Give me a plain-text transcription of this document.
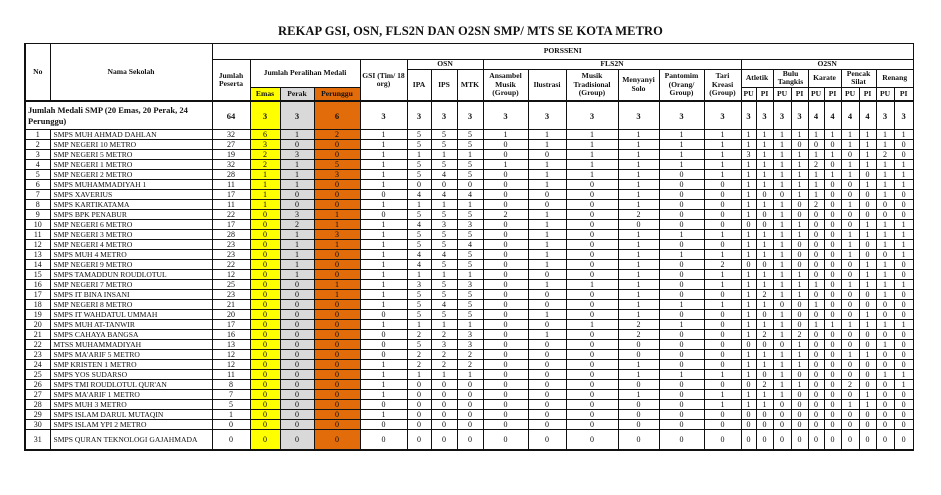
REKAP GSI, OSN, FLS2N DAN O2SN SMP/ MTS SE KOTA METRO
No	Nama Sekolah	PORSSENI																							
		Jumlah Peserta	Jumlah Peralihan Medali			GSI (Tim/ 18 org)	OSN			FLS2N						O2SN									
							IPA	IPS	MTK	Ansambel Musik (Group)	Ilustrasi	Musik Tradisional (Group)	Menyanyi Solo	Pantomim (Orang/ Group)	Tari Kreasi (Group)	Atletik		Bulu Tangkis		Karate		Pencak Silat		Renang	
			Emas	Perak	Perunggu											PU	PI	PU	PI	PU	PI	PU	PI	PU	PI
Jumlah Medali SMP (20 Emas, 20 Perak, 24 Perunggu)		64	3	3	6	3	3	3	3	3	3	3	3	3	3	3	3	3	3	4	4	4	4	3	3
1	SMPS MUH AHMAD DAHLAN	32	6	1	2	1	5	5	5	1	1	1	1	1	1	1	1	1	1	1	1	1	1	1	1
2	SMP NEGERI 10 METRO	27	3	0	0	1	5	5	5	0	1	1	1	1	1	1	1	1	0	0	0	1	1	1	0
3	SMP NEGERI 5 METRO	19	2	3	0	1	1	1	1	0	0	1	1	1	1	3	1	1	1	1	1	0	1	2	0
4	SMP NEGERI 1 METRO	32	2	1	5	1	5	5	5	1	1	1	1	1	1	1	1	1	1	2	0	1	1	1	1
5	SMP NEGERI 2 METRO	28	1	1	3	1	5	4	5	0	1	1	1	0	1	1	1	1	1	1	1	1	0	1	1
6	SMPS MUHAMMADIYAH 1	11	1	1	0	1	0	0	0	0	1	0	1	0	0	1	1	1	1	1	0	0	1	1	1
7	SMPS XAVERIUS	17	1	0	0	0	4	4	4	0	0	0	1	0	0	1	0	0	1	1	0	0	0	1	0
8	SMPS KARTIKATAMA	11	1	0	0	1	1	1	1	0	0	0	1	0	0	1	1	1	0	2	0	1	0	0	0
9	SMPS BPK PENABUR	22	0	3	1	0	5	5	5	2	1	0	2	0	0	1	0	1	0	0	0	0	0	0	0
10	SMP NEGERI 6 METRO	17	0	2	1	1	4	3	3	0	1	0	0	0	0	0	0	1	1	0	0	0	1	1	1
11	SMP NEGERI 3 METRO	28	0	1	3	1	5	5	5	0	1	0	1	1	1	1	1	1	1	0	0	1	1	1	1
12	SMP NEGERI 4 METRO	23	0	1	1	1	5	5	4	0	1	0	1	0	0	1	1	1	0	0	0	1	0	1	1
13	SMPS MUH 4 METRO	23	0	1	0	1	4	4	5	0	1	0	1	1	1	1	1	1	0	0	0	1	0	0	1
14	SMP NEGERI 9 METRO	22	0	1	0	1	4	5	5	0	1	0	1	0	2	0	0	1	0	0	0	0	1	1	0
15	SMPS TAMADDUN ROUDLOTUL	12	0	1	0	1	1	1	1	0	0	0	1	0	1	1	1	1	1	0	0	0	1	1	0
16	SMP NEGERI 7 METRO	25	0	0	1	1	3	5	3	0	1	1	1	0	1	1	1	1	1	1	0	1	1	1	1
17	SMPS IT BINA INSANI	23	0	0	1	1	5	5	5	0	0	0	1	0	0	1	2	1	1	0	0	0	0	1	0
18	SMP NEGERI 8 METRO	21	0	0	0	1	5	4	5	0	0	0	1	1	1	1	1	0	0	1	0	0	0	0	0
19	SMPS IT WAHDATUL UMMAH	20	0	0	0	0	5	5	5	0	1	0	1	0	0	1	0	1	0	0	0	0	1	0	0
20	SMPS MUH AT-TANWIR	17	0	0	0	1	1	1	1	0	0	1	2	1	0	1	1	1	0	1	1	1	1	1	1
21	SMPS CAHAYA BANGSA	16	0	0	0	0	2	2	3	0	1	0	2	0	0	1	2	1	2	0	0	0	0	0	0
22	MTSS MUHAMMADIYAH	13	0	0	0	0	5	3	3	0	0	0	0	0	0	0	0	0	1	0	0	0	0	1	0
23	SMPS MA'ARIF 5 METRO	12	0	0	0	0	2	2	2	0	0	0	0	0	0	1	1	1	1	0	0	1	1	0	0
24	SMP KRISTEN 1 METRO	12	0	0	0	1	2	2	2	0	0	0	1	0	0	1	1	1	1	0	0	0	0	0	0
25	SMPS YOS SUDARSO	11	0	0	0	1	1	1	1	0	0	0	1	1	1	1	0	1	0	0	0	0	0	1	1
26	SMPS TMI ROUDLOTUL QUR'AN	8	0	0	0	1	0	0	0	0	0	0	0	0	0	0	2	1	1	0	0	2	0	0	1
27	SMPS MA'ARIF 1 METRO	7	0	0	0	1	0	0	0	0	0	0	1	0	1	1	1	1	0	0	0	0	1	0	0
28	SMPS MUH 3 METRO	5	0	0	0	0	0	0	0	0	0	0	0	0	1	1	1	0	0	0	0	1	1	0	0
29	SMPS ISLAM DARUL MUTAQIN	1	0	0	0	1	0	0	0	0	0	0	0	0	0	0	0	0	0	0	0	0	0	0	0
30	SMPS ISLAM YPI 2 METRO	0	0	0	0	0	0	0	0	0	0	0	0	0	0	0	0	0	0	0	0	0	0	0	0
31	SMPS QURAN TEKNOLOGI GAJAHMADA	0	0	0	0	0	0	0	0	0	0	0	0	0	0	0	0	0	0	0	0	0	0	0	0
